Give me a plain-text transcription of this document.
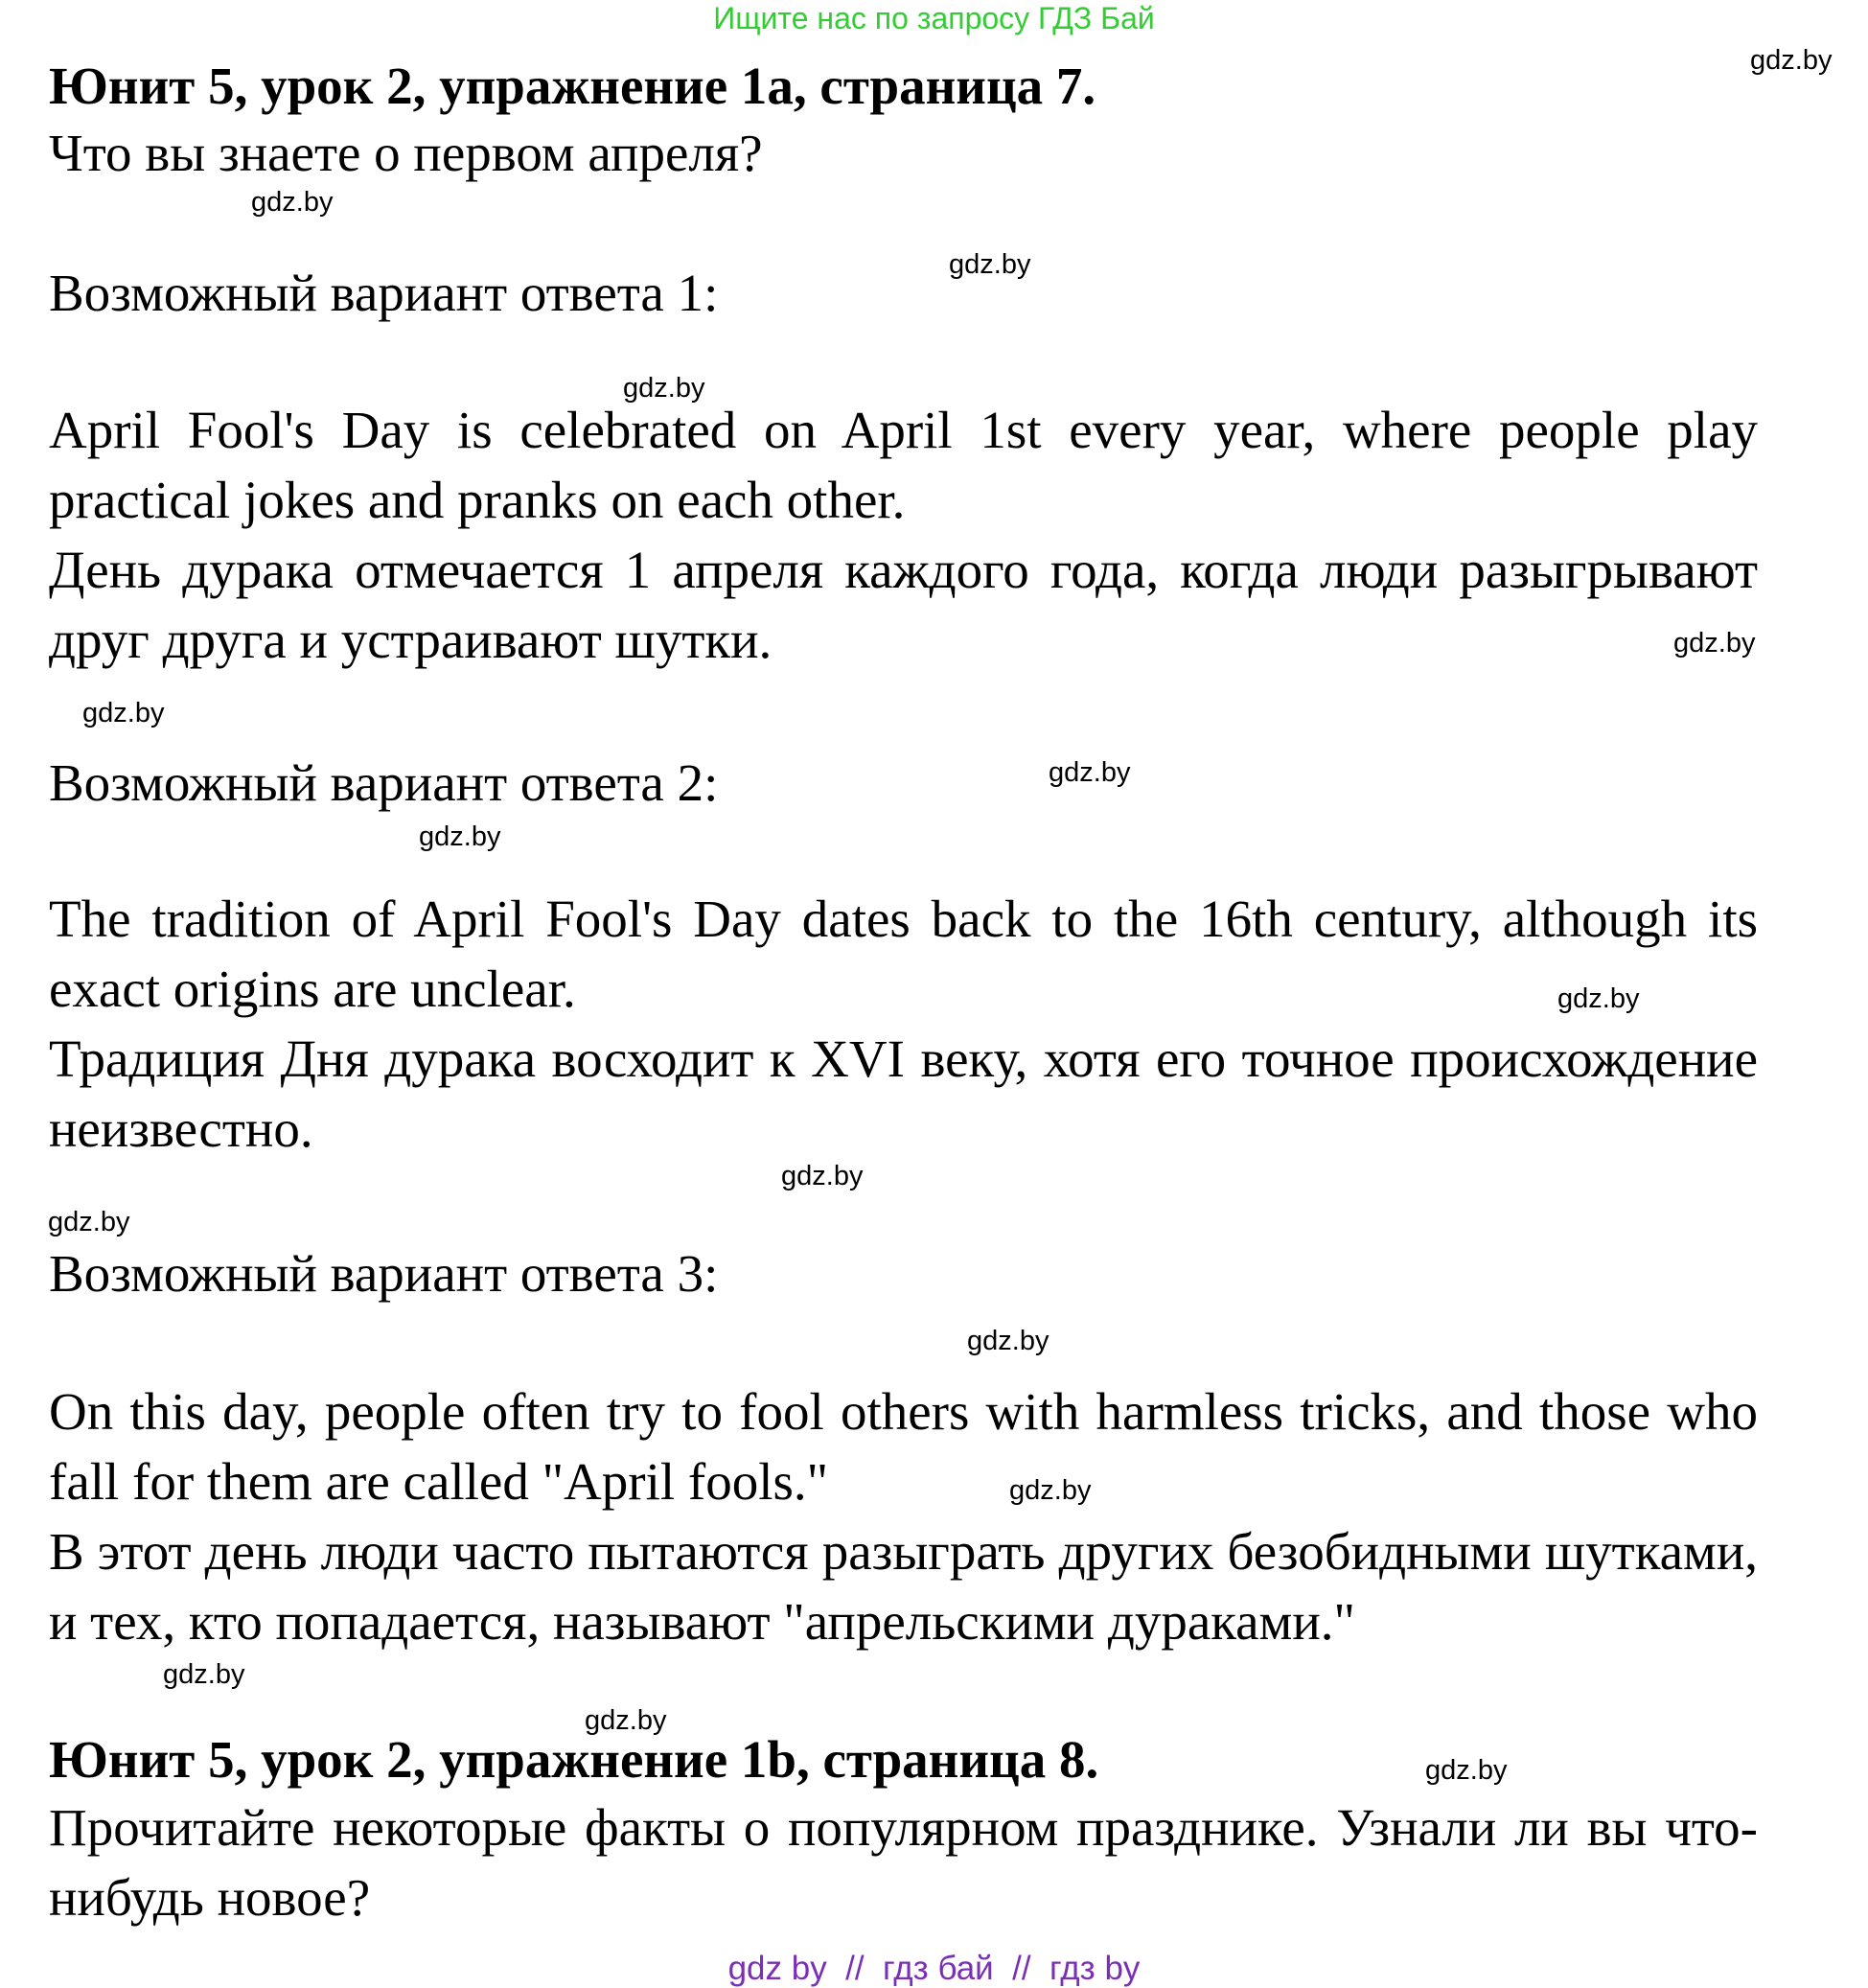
Ищите нас по запросу ГДЗ Бай
Юнит 5, урок 2, упражнение 1а, страница 7.
Что вы знаете о первом апреля?
Возможный вариант ответа 1:
April Fool's Day is celebrated on April 1st every year, where people play practical jokes and pranks on each other.
День дурака отмечается 1 апреля каждого года, когда люди разыгрывают друг друга и устраивают шутки.
Возможный вариант ответа 2:
The tradition of April Fool's Day dates back to the 16th century, although its exact origins are unclear.
Традиция Дня дурака восходит к XVI веку, хотя его точное происхождение неизвестно.
Возможный вариант ответа 3:
On this day, people often try to fool others with harmless tricks, and those who fall for them are called "April fools."
В этот день люди часто пытаются разыграть других безобидными шутками, и тех, кто попадается, называют "апрельскими дураками."
Юнит 5, урок 2, упражнение 1b, страница 8.
Прочитайте некоторые факты о популярном празднике. Узнали ли вы что-нибудь новое?
gdz.by
gdz.by
gdz.by
gdz.by
gdz.by
gdz.by
gdz.by
gdz.by
gdz.by
gdz.by
gdz.by
gdz.by
gdz.by
gdz.by
gdz.by
gdz.by
gdz by  //  гдз бай  //  гдз by
